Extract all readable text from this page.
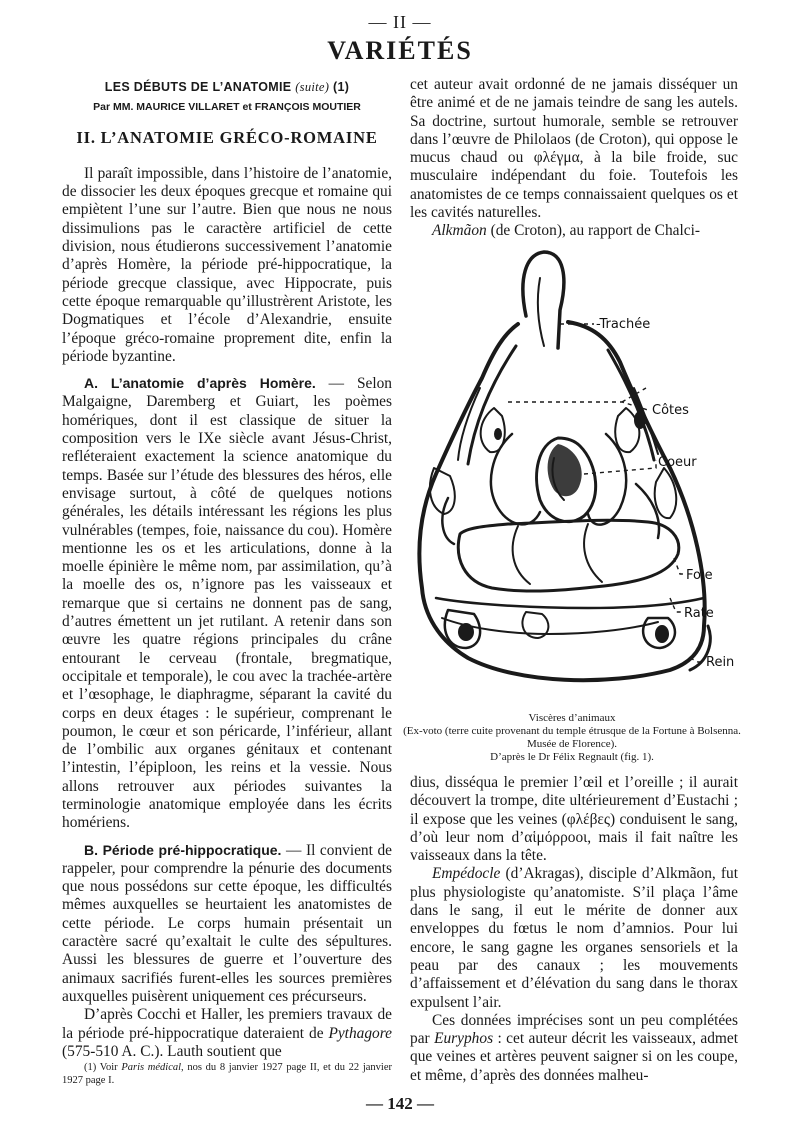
— II —
VARIÉTÉS
LES DÉBUTS DE L’ANATOMIE (suite) (1)
Par MM. MAURICE VILLARET et FRANÇOIS MOUTIER
II. L’ANATOMIE GRÉCO-ROMAINE

Il paraît impossible, dans l’histoire de l’anatomie, de dissocier les deux époques grecque et romaine qui empiètent l’une sur l’autre. Bien que nous ne nous dissimulions pas le caractère artificiel de cette division, nous étudierons successivement l’anatomie d’après Homère, la période pré-hippocratique, la période grecque classique, avec Hippocrate, puis cette époque remarquable qu’illustrèrent Aristote, les Dogmatiques et l’école d’Alexandrie, ensuite l’époque gréco-romaine proprement dite, enfin la période byzantine.

A. L’anatomie d’après Homère. — Selon Malgaigne, Daremberg et Guiart, les poèmes homériques, dont il est classique de situer la composition vers le IXe siècle avant Jésus-Christ, refléteraient exactement la science anatomique du temps. Basée sur l’étude des blessures des héros, elle envisage surtout, à côté de quelques notions générales, les détails intéressant les régions les plus vulnérables (tempes, foie, naissance du cou). Homère mentionne les os et les articulations, donne à la moelle épinière le même nom, par assimilation, qu’à la moelle des os, n’ignore pas les vaisseaux et remarque que si certains ne donnent pas de sang, d’autres émettent un jet rutilant. A retenir dans son œuvre les quatre régions principales du crâne entourant le cerveau (frontale, bregmatique, occipitale et temporale), le cou avec la trachée-artère et l’œsophage, le diaphragme, séparant la cavité du corps en deux étages : le supérieur, comprenant le poumon, le cœur et son péricarde, l’inférieur, allant de l’ombilic aux organes génitaux et contenant l’intestin, l’épiploon, les reins et la vessie. Nous allons retrouver aux périodes suivantes la terminologie anatomique employée dans les écrits homériens.

B. Période pré-hippocratique. — Il convient de rappeler, pour comprendre la pénurie des documents que nous possédons sur cette époque, les difficultés mêmes auxquelles se heurtaient les anatomistes de cette période. Le corps humain présentait un caractère sacré qu’exaltait le culte des sépultures. Aussi les blessures de guerre et l’ouverture des animaux sacrifiés furent-elles les sources premières auxquelles puisèrent uniquement ces précurseurs.

D’après Cocchi et Haller, les premiers travaux de la période pré-hippocratique dateraient de Pythagore (575-510 A. C.). Lauth soutient que

(1) Voir Paris médical, nos du 8 janvier 1927 page II, et du 22 janvier 1927 page I.

cet auteur avait ordonné de ne jamais disséquer un être animé et de ne jamais teindre de sang les autels. Sa doctrine, surtout humorale, semble se retrouver dans l’œuvre de Philolaos (de Croton), qui oppose le mucus chaud ou φλέγμα, à la bile froide, suc musculaire indépendant du foie. Toutefois les anatomistes de ce temps connaissaient quelques os et les cavités naturelles.

Alkmãon (de Croton), au rapport de Chalci-

-Trachée
Côtes
Coeur
Foie
Rate
Rein
Viscères d’animaux
(Ex-voto (terre cuite provenant du temple étrusque de la Fortune à Bolsenna. Musée de Florence).
D’après le Dr Félix Regnault (fig. 1).

dius, disséqua le premier l’œil et l’oreille ; il aurait découvert la trompe, dite ultérieurement d’Eustachi ; il expose que les veines (φλέβες) conduisent le sang, d’où leur nom d’αἱμόρροοι, mais il fait naître les vaisseaux dans la tête.

Empédocle (d’Akragas), disciple d’Alkmãon, fut plus physiologiste qu’anatomiste. S’il plaça l’âme dans le sang, il eut le mérite de donner aux enveloppes du fœtus le nom d’amnios. Pour lui encore, le sang gagne les organes sensoriels et la peau par des canaux ; les mouvements d’affaissement et d’élévation du sang dans le thorax expulsent l’air.

Ces données imprécises sont un peu complétées par Euryphos : cet auteur décrit les vaisseaux, admet que veines et artères peuvent saigner si on les coupe, et même, d’après des données malheu-

— 142 —
